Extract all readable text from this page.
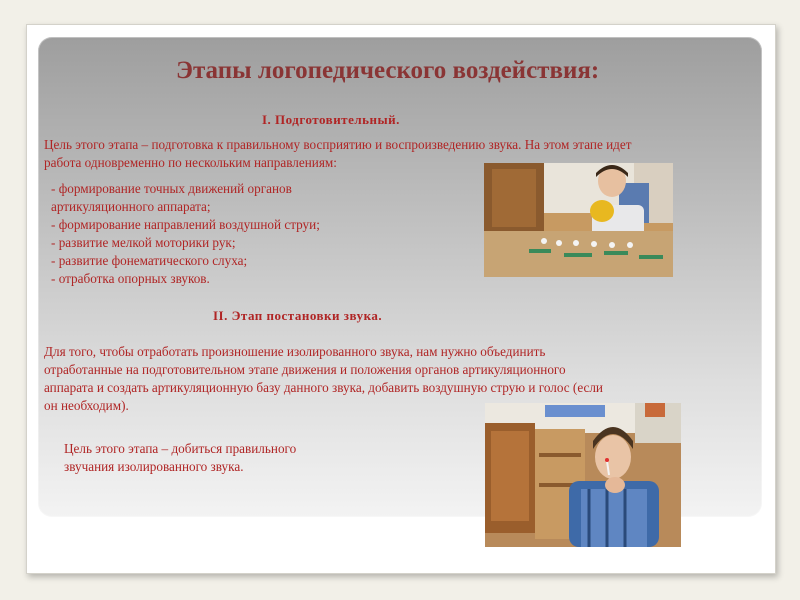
Этапы логопедического воздействия:

I. Подготовительный.

Цель этого этапа – подготовка к правильному восприятию и воспроизведению звука. На этом этапе идет

работа одновременно по нескольким направлениям:

- формирование точных движений органов
артикуляционного аппарата;
- формирование направлений воздушной струи;
- развитие мелкой моторики рук;
- развитие фонематического слуха;
- отработка опорных звуков.

II. Этап постановки звука.

Для того, чтобы отработать произношение изолированного звука, нам нужно объединить

отработанные на подготовительном этапе движения и положения органов артикуляционного

аппарата и создать артикуляционную базу данного звука, добавить воздушную струю и голос (если

он необходим).

Цель этого этапа – добиться правильного

звучания изолированного звука.
